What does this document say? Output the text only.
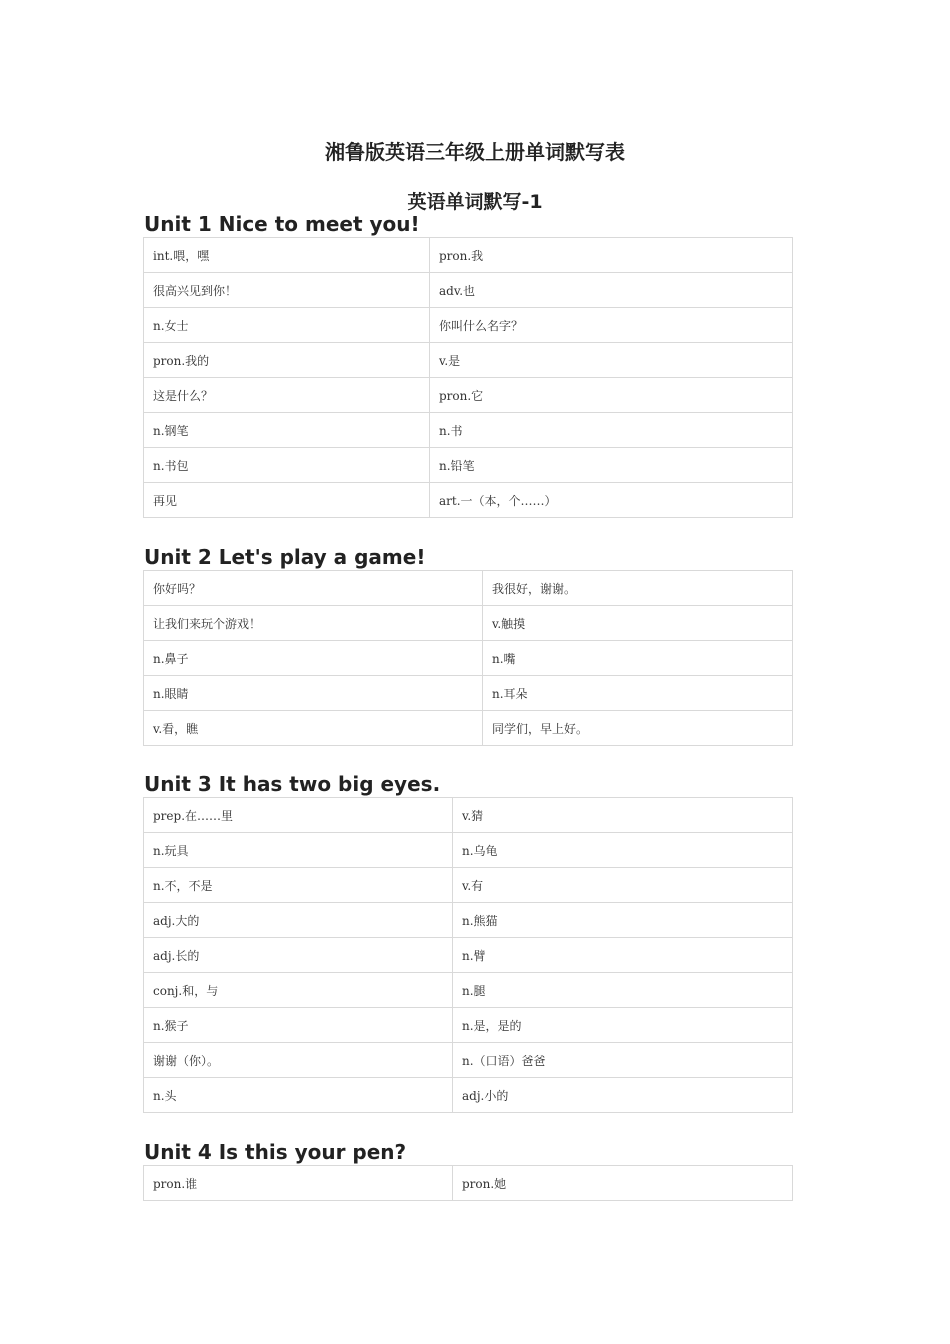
湘鲁版英语三年级上册单词默写表
英语单词默写-1
Unit 1 Nice to meet you!
int.喂，嘿	pron.我
很高兴见到你！	adv.也
n.女士	你叫什么名字？
pron.我的	v.是
这是什么？	pron.它
n.钢笔	n.书
n.书包	n.铅笔
再见	art.一（本，个……）
Unit 2 Let's play a game!
你好吗？	我很好，谢谢。
让我们来玩个游戏！	v.触摸
n.鼻子	n.嘴
n.眼睛	n.耳朵
v.看，瞧	同学们，早上好。
Unit 3 It has two big eyes.
prep.在……里	v.猜
n.玩具	n.乌龟
n.不，不是	v.有
adj.大的	n.熊猫
adj.长的	n.臂
conj.和，与	n.腿
n.猴子	n.是，是的
谢谢（你）。	n.（口语）爸爸
n.头	adj.小的
Unit 4 Is this your pen?
pron.谁	pron.她
